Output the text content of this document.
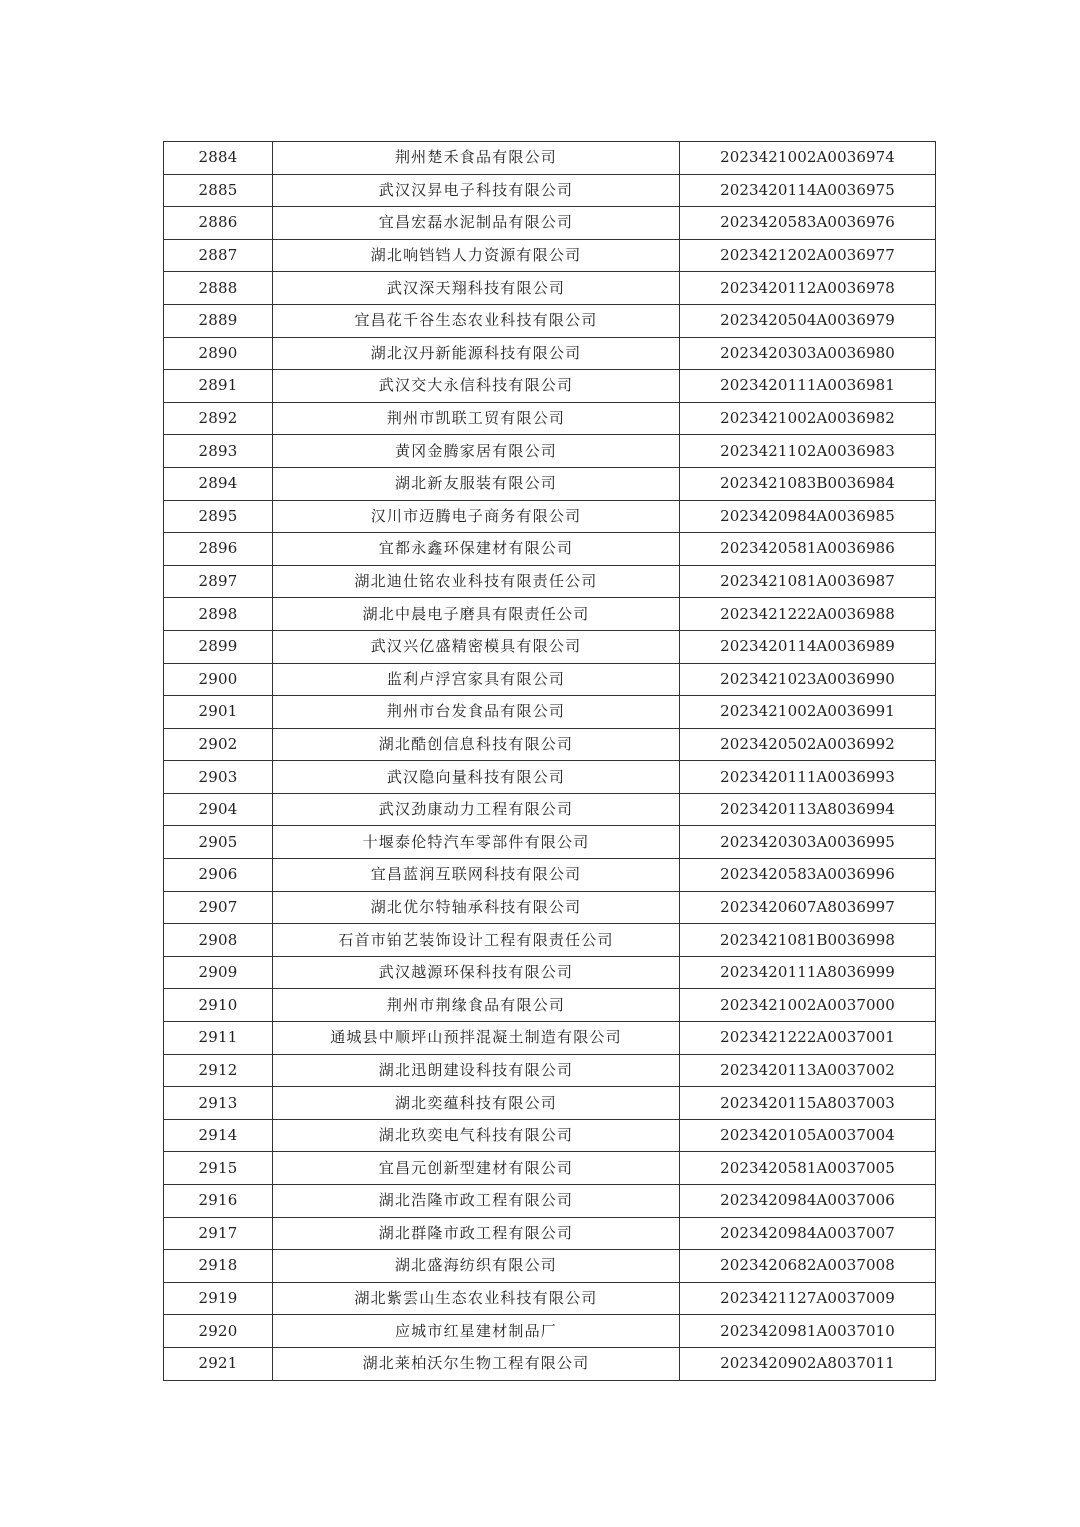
2884	荆州楚禾食品有限公司	2023421002A0036974
2885	武汉汉昇电子科技有限公司	2023420114A0036975
2886	宜昌宏磊水泥制品有限公司	2023420583A0036976
2887	湖北响铛铛人力资源有限公司	2023421202A0036977
2888	武汉深天翔科技有限公司	2023420112A0036978
2889	宜昌花千谷生态农业科技有限公司	2023420504A0036979
2890	湖北汉丹新能源科技有限公司	2023420303A0036980
2891	武汉交大永信科技有限公司	2023420111A0036981
2892	荆州市凯联工贸有限公司	2023421002A0036982
2893	黄冈金腾家居有限公司	2023421102A0036983
2894	湖北新友服装有限公司	2023421083B0036984
2895	汉川市迈腾电子商务有限公司	2023420984A0036985
2896	宜都永鑫环保建材有限公司	2023420581A0036986
2897	湖北迪仕铭农业科技有限责任公司	2023421081A0036987
2898	湖北中晨电子磨具有限责任公司	2023421222A0036988
2899	武汉兴亿盛精密模具有限公司	2023420114A0036989
2900	监利卢浮宫家具有限公司	2023421023A0036990
2901	荆州市台发食品有限公司	2023421002A0036991
2902	湖北酷创信息科技有限公司	2023420502A0036992
2903	武汉隐向量科技有限公司	2023420111A0036993
2904	武汉劲康动力工程有限公司	2023420113A8036994
2905	十堰泰伦特汽车零部件有限公司	2023420303A0036995
2906	宜昌蓝润互联网科技有限公司	2023420583A0036996
2907	湖北优尔特轴承科技有限公司	2023420607A8036997
2908	石首市铂艺装饰设计工程有限责任公司	2023421081B0036998
2909	武汉越源环保科技有限公司	2023420111A8036999
2910	荆州市荆缘食品有限公司	2023421002A0037000
2911	通城县中顺坪山预拌混凝土制造有限公司	2023421222A0037001
2912	湖北迅朗建设科技有限公司	2023420113A0037002
2913	湖北奕蕴科技有限公司	2023420115A8037003
2914	湖北玖奕电气科技有限公司	2023420105A0037004
2915	宜昌元创新型建材有限公司	2023420581A0037005
2916	湖北浩隆市政工程有限公司	2023420984A0037006
2917	湖北群隆市政工程有限公司	2023420984A0037007
2918	湖北盛海纺织有限公司	2023420682A0037008
2919	湖北紫雲山生态农业科技有限公司	2023421127A0037009
2920	应城市红星建材制品厂	2023420981A0037010
2921	湖北莱柏沃尔生物工程有限公司	2023420902A8037011
